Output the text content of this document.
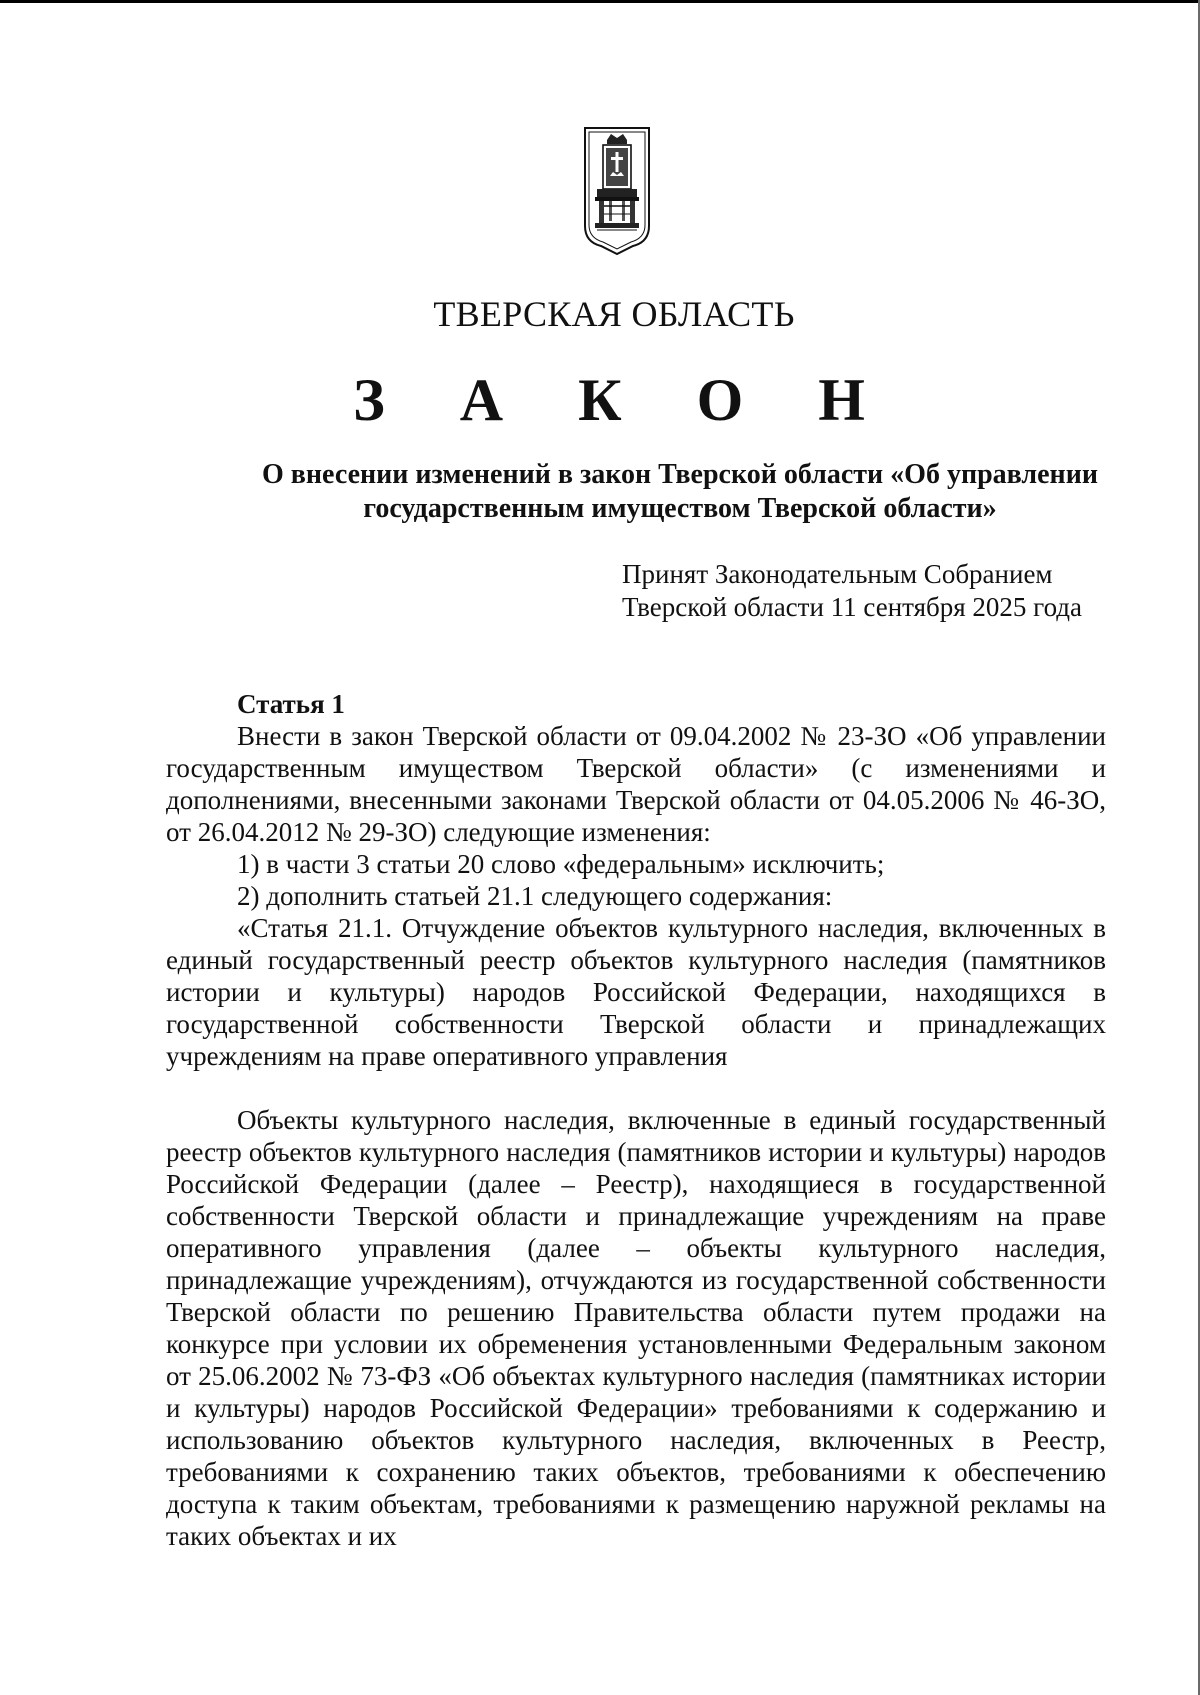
ТВЕРСКАЯ ОБЛАСТЬ
З А К О Н
О внесении изменений в закон Тверской области «Об управлении
государственным имуществом Тверской области»
Принят Законодательным Собранием
Тверской области 11 сентября 2025 года

Статья 1

Внести в закон Тверской области от 09.04.2002 № 23-ЗО «Об управлении государственным имуществом Тверской области» (с изменениями и дополнениями, внесенными законами Тверской области от 04.05.2006 № 46-ЗО, от 26.04.2012 № 29-ЗО) следующие изменения:

1) в части 3 статьи 20 слово «федеральным» исключить;

2) дополнить статьей 21.1 следующего содержания:

«Статья 21.1. Отчуждение объектов культурного наследия, включенных в единый государственный реестр объектов культурного наследия (памятников истории и культуры) народов Российской Федерации, находящихся в государственной собственности Тверской области и принадлежащих учреждениям на праве оперативного управления

Объекты культурного наследия, включенные в единый государственный реестр объектов культурного наследия (памятников истории и культуры) народов Российской Федерации (далее – Реестр), находящиеся в государственной собственности Тверской области и принадлежащие учреждениям на праве оперативного управления (далее – объекты культурного наследия, принадлежащие учреждениям), отчуждаются из государственной собственности Тверской области по решению Правительства области путем продажи на конкурсе при условии их обременения установленными Федеральным законом от 25.06.2002 № 73-ФЗ «Об объектах культурного наследия (памятниках истории и культуры) народов Российской Федерации» требованиями к содержанию и использованию объектов культурного наследия, включенных в Реестр, требованиями к сохранению таких объектов, требованиями к обеспечению доступа к таким объектам, требованиями к размещению наружной рекламы на таких объектах и их
